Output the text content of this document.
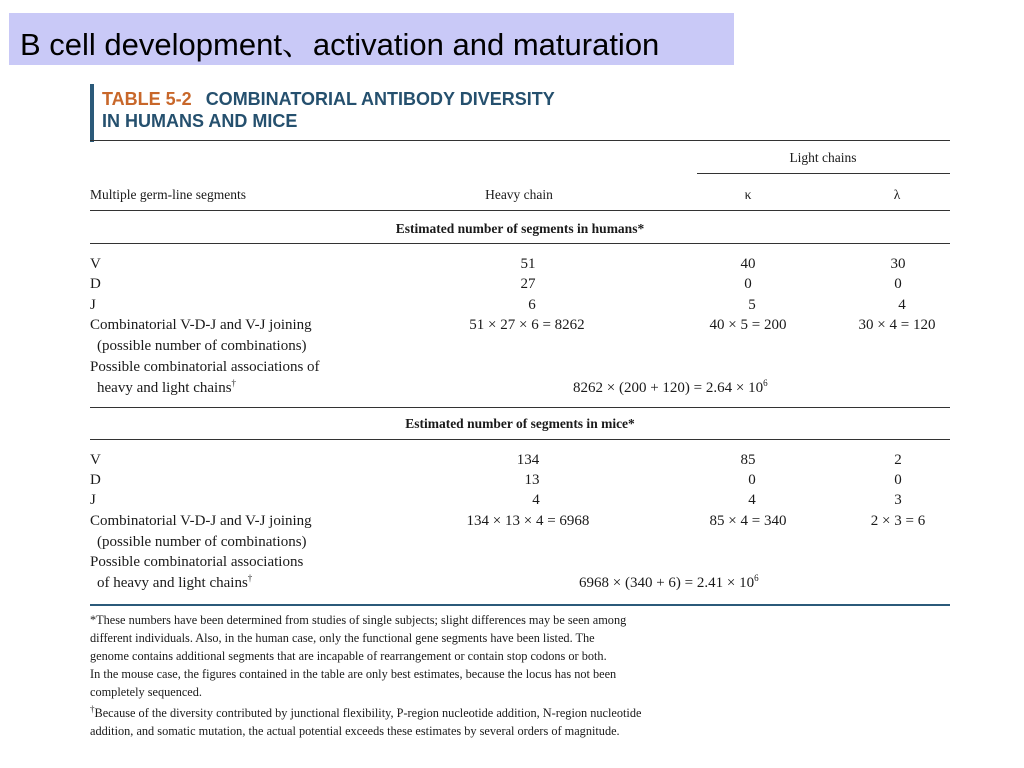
B cell development、activation and maturation
TABLE 5-2 COMBINATORIAL ANTIBODY DIVERSITY
IN HUMANS AND MICE
Light chains
Multiple germ-line segments	Heavy chain	κ	λ
Estimated number of segments in humans*
V	51	40	30
D	27	0	0
J	6	5	4
Combinatorial V-D-J and V-J joining
(possible number of combinations)
51 × 27 × 6 = 8262	40 × 5 = 200	30 × 4 = 120
Possible combinatorial associations of
heavy and light chains†	$8262 \times (200 + 120) = 2.64 \times 10^6$
Estimated number of segments in mice*
V	134	85	2
D	13	0	0
J	4	4	3
Combinatorial V-D-J and V-J joining
(possible number of combinations)
134 × 13 × 4 = 6968	85 × 4 = 340	2 × 3 = 6
Possible combinatorial associations
of heavy and light chains†	$6968 \times (340 + 6) = 2.41 \times 10^6$
*These numbers have been determined from studies of single subjects; slight differences may be seen among
different individuals. Also, in the human case, only the functional gene segments have been listed. The
genome contains additional segments that are incapable of rearrangement or contain stop codons or both.
In the mouse case, the figures contained in the table are only best estimates, because the locus has not been
completely sequenced.
†Because of the diversity contributed by junctional flexibility, P-region nucleotide addition, N-region nucleotide
addition, and somatic mutation, the actual potential exceeds these estimates by several orders of magnitude.
